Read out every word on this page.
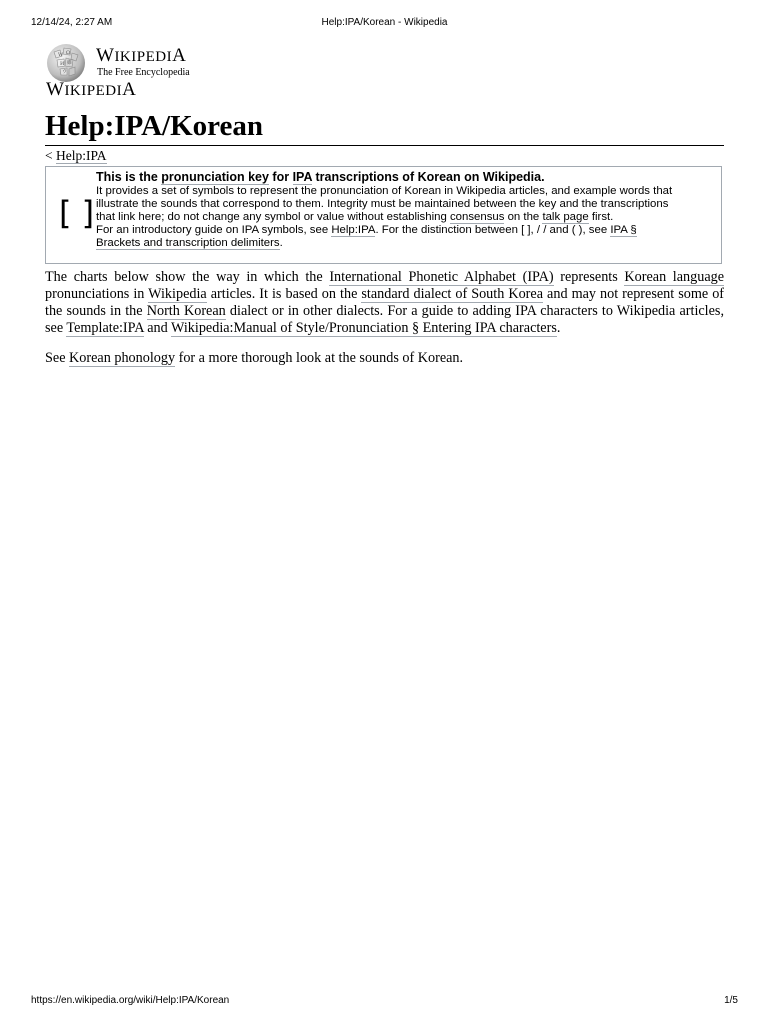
12/14/24, 2:27 AM	Help:IPA/Korean - Wikipedia
W Ω
И 維
ウ
WIKIPEDIA
The Free Encyclopedia
WIKIPEDIA
Help:IPA/Korean
< Help:IPA
[ ]
This is the pronunciation key for IPA transcriptions of Korean on Wikipedia.
It provides a set of symbols to represent the pronunciation of Korean in Wikipedia articles, and example words that illustrate the sounds that correspond to them. Integrity must be maintained between the key and the transcriptions that link here; do not change any symbol or value without establishing consensus on the talk page first.
For an introductory guide on IPA symbols, see Help:IPA. For the distinction between [ ], / / and ( ), see IPA § Brackets and transcription delimiters.

The charts below show the way in which the International Phonetic Alphabet (IPA) represents Korean language pronunciations in Wikipedia articles. It is based on the standard dialect of South Korea and may not represent some of the sounds in the North Korean dialect or in other dialects. For a guide to adding IPA characters to Wikipedia articles, see Template:IPA and Wikipedia:Manual of Style/Pronunciation § Entering IPA characters.

See Korean phonology for a more thorough look at the sounds of Korean.

https://en.wikipedia.org/wiki/Help:IPA/Korean	1/5
